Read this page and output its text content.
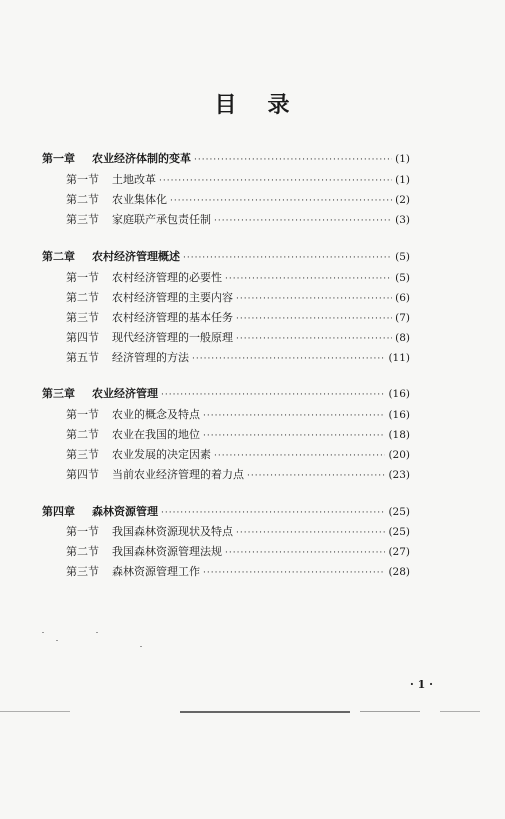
目 录
第一章	农业经济体制的变革 ·····	(1)
第一节	土地改革 ·····	(1)
第二节	农业集体化 ·····	(2)
第三节	家庭联产承包责任制 ·····	(3)
第二章	农村经济管理概述 ·····	(5)
第一节	农村经济管理的必要性 ·····	(5)
第二节	农村经济管理的主要内容 ·····	(6)
第三节	农村经济管理的基本任务 ·····	(7)
第四节	现代经济管理的一般原理 ·····	(8)
第五节	经济管理的方法 ·····	(11)
第三章	农业经济管理 ·····	(16)
第一节	农业的概念及特点 ·····	(16)
第二节	农业在我国的地位 ·····	(18)
第三节	农业发展的决定因素 ·····	(20)
第四节	当前农业经济管理的着力点 ·····	(23)
第四章	森林资源管理 ·····	(25)
第一节	我国森林资源现状及特点 ·····	(25)
第二节	我国森林资源管理法规 ·····	(27)
第三节	森林资源管理工作 ·····	(28)
· 1 ·
